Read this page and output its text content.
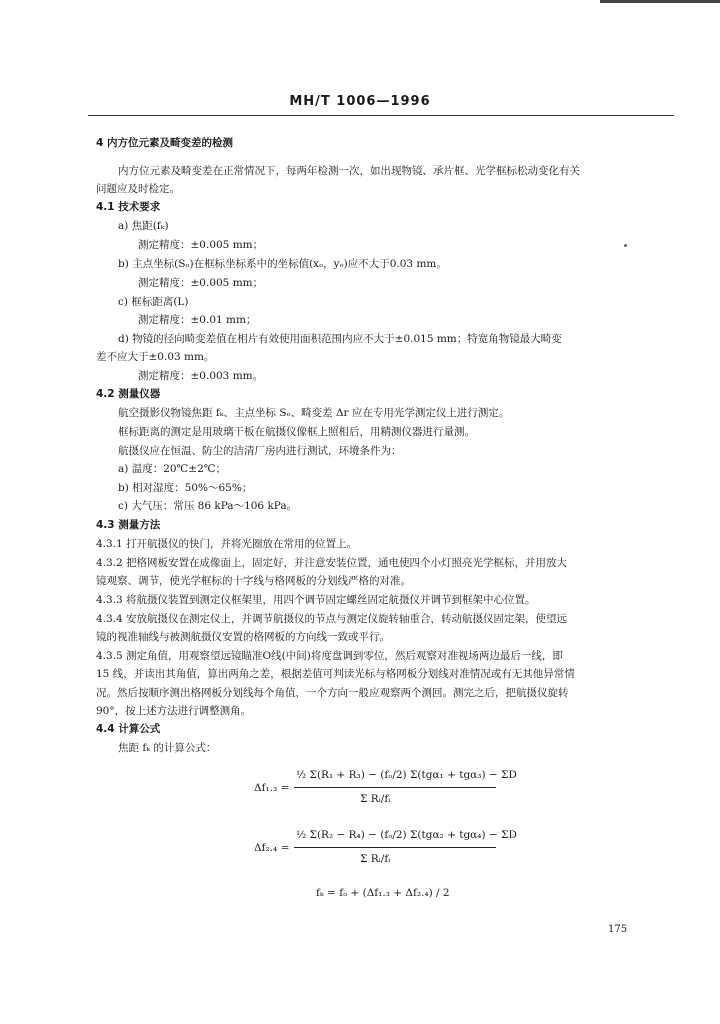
MH/T 1006—1996
4 内方位元素及畸变差的检测
内方位元素及畸变差在正常情况下，每两年检测一次，如出现物镜、承片框、光学框标松动变化有关
问题应及时检定。
4.1 技术要求
a) 焦距(fₖ)
测定精度：±0.005 mm；
b) 主点坐标(Sₒ)在框标坐标系中的坐标值(xₒ，yₒ)应不大于0.03 mm。
测定精度：±0.005 mm；
c) 框标距离(L)
测定精度：±0.01 mm；
d) 物镜的径向畸变差值在相片有效使用面积范围内应不大于±0.015 mm；特宽角物镜最大畸变
差不应大于±0.03 mm。
测定精度：±0.003 mm。
4.2 测量仪器
航空摄影仪物镜焦距 fₖ、主点坐标 Sₒ、畸变差 Δr 应在专用光学测定仪上进行测定。
框标距离的测定是用玻璃干板在航摄仪像框上照相后，用精测仪器进行量测。
航摄仪应在恒温、防尘的洁清厂房内进行测试，环境条件为：
a) 温度：20℃±2℃；
b) 相对湿度：50%～65%；
c) 大气压：常压 86 kPa～106 kPa。
4.3 测量方法
4.3.1 打开航摄仪的快门，并将光圈放在常用的位置上。
4.3.2 把格网板安置在成像面上，固定好，并注意安装位置，通电使四个小灯照亮光学框标，并用放大
镜观察、调节，使光学框标的十字线与格网板的分划线严格的对准。
4.3.3 将航摄仪装置到测定仪框架里，用四个调节固定螺丝固定航摄仪并调节到框架中心位置。
4.3.4 安放航摄仪在测定仪上，并调节航摄仪的节点与测定仪旋转轴重合，转动航摄仪固定架，使望远
镜的视准轴线与被测航摄仪安置的格网板的方向线一致或平行。
4.3.5 测定角值，用观察望远镜瞄准O线(中间)将度盘调到零位，然后观察对准视场两边最后一线，即
15 线，并读出其角值，算出两角之差，根据差值可判读光标与格网板分划线对准情况或有无其他异常情
况。然后按顺序测出格网板分划线每个角值，一个方向一般应观察两个测回。测完之后，把航摄仪旋转
90°，按上述方法进行调整测角。
4.4 计算公式
焦距 fₖ 的计算公式：
Δf₁.₃ =
½ Σ(R₁ + R₃) − (fₒ/2) Σ(tgα₁ + tgα₃) − ΣD
Σ Rᵢ/fᵢ
Δf₂.₄ =
½ Σ(R₂ − R₄) − (fₒ/2) Σ(tgα₂ + tgα₄) − ΣD
Σ Rᵢ/fᵢ
fₖ = fₒ + (Δf₁.₃ + Δf₂.₄) / 2
175
